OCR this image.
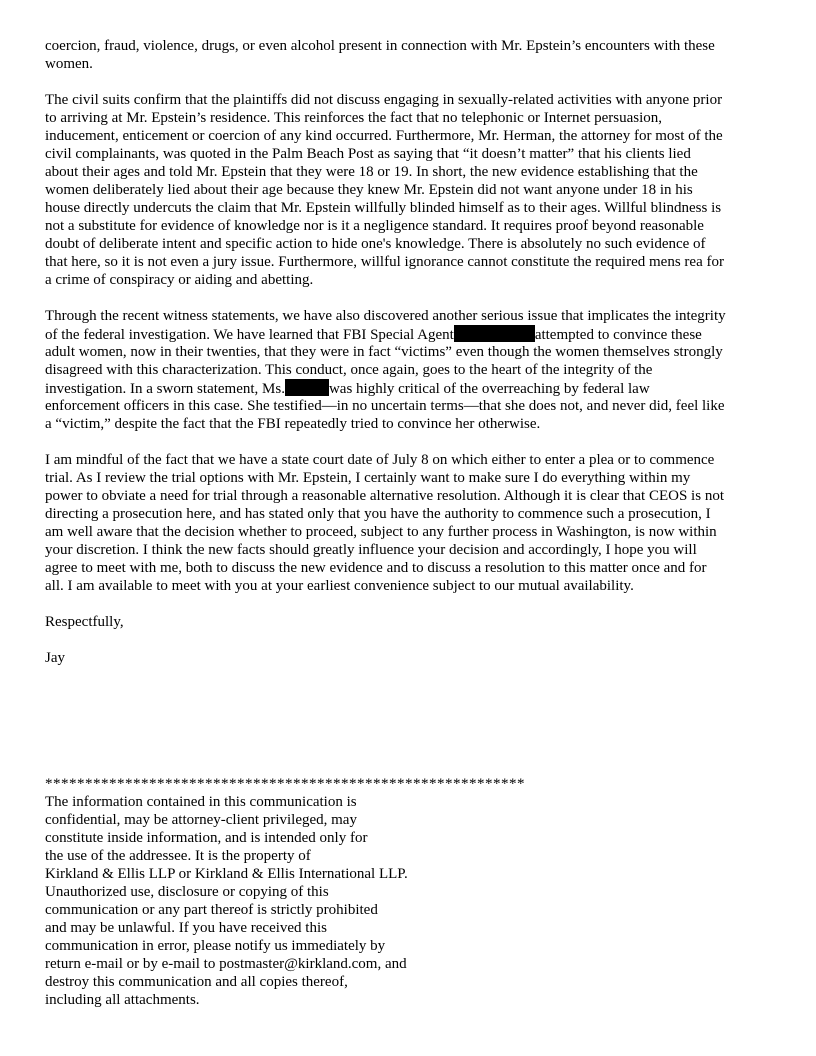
coercion, fraud, violence, drugs, or even alcohol present in connection with Mr. Epstein’s encounters with these
women.
The civil suits confirm that the plaintiffs did not discuss engaging in sexually-related activities with anyone prior
to arriving at Mr. Epstein’s residence. This reinforces the fact that no telephonic or Internet persuasion,
inducement, enticement or coercion of any kind occurred. Furthermore, Mr. Herman, the attorney for most of the
civil complainants, was quoted in the Palm Beach Post as saying that “it doesn’t matter” that his clients lied
about their ages and told Mr. Epstein that they were 18 or 19. In short, the new evidence establishing that the
women deliberately lied about their age because they knew Mr. Epstein did not want anyone under 18 in his
house directly undercuts the claim that Mr. Epstein willfully blinded himself as to their ages. Willful blindness is
not a substitute for evidence of knowledge nor is it a negligence standard. It requires proof beyond reasonable
doubt of deliberate intent and specific action to hide one's knowledge. There is absolutely no such evidence of
that here, so it is not even a jury issue. Furthermore, willful ignorance cannot constitute the required mens rea for
a crime of conspiracy or aiding and abetting.
Through the recent witness statements, we have also discovered another serious issue that implicates the integrity
of the federal investigation. We have learned that FBI Special Agent	attempted to convince these
adult women, now in their twenties, that they were in fact “victims” even though the women themselves strongly
disagreed with this characterization. This conduct, once again, goes to the heart of the integrity of the
investigation. In a sworn statement, Ms.	was highly critical of the overreaching by federal law
enforcement officers in this case. She testified—in no uncertain terms—that she does not, and never did, feel like
a “victim,” despite the fact that the FBI repeatedly tried to convince her otherwise.
I am mindful of the fact that we have a state court date of July 8 on which either to enter a plea or to commence
trial. As I review the trial options with Mr. Epstein, I certainly want to make sure I do everything within my
power to obviate a need for trial through a reasonable alternative resolution. Although it is clear that CEOS is not
directing a prosecution here, and has stated only that you have the authority to commence such a prosecution, I
am well aware that the decision whether to proceed, subject to any further process in Washington, is now within
your discretion. I think the new facts should greatly influence your decision and accordingly, I hope you will
agree to meet with me, both to discuss the new evidence and to discuss a resolution to this matter once and for
all. I am available to meet with you at your earliest convenience subject to our mutual availability.
Respectfully,
Jay
************************************************************
The information contained in this communication is
confidential, may be attorney-client privileged, may
constitute inside information, and is intended only for
the use of the addressee. It is the property of
Kirkland & Ellis LLP or Kirkland & Ellis International LLP.
Unauthorized use, disclosure or copying of this
communication or any part thereof is strictly prohibited
and may be unlawful. If you have received this
communication in error, please notify us immediately by
return e-mail or by e-mail to postmaster@kirkland.com, and
destroy this communication and all copies thereof,
including all attachments.
